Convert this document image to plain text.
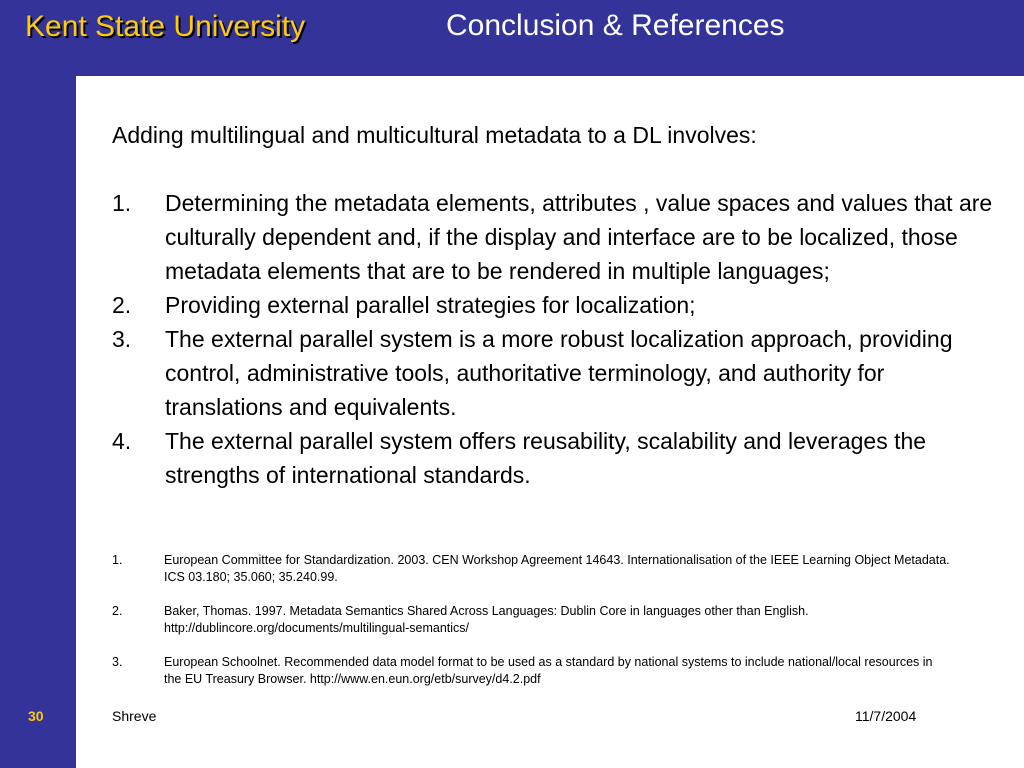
Kent State University	Conclusion & References
Adding multilingual and multicultural metadata to a DL involves:
1. Determining the metadata elements, attributes , value spaces and values that are culturally dependent and, if the display and interface are to be localized, those metadata elements that are to be rendered in multiple languages;
2. Providing external parallel strategies for localization;
3. The external parallel system is a more robust localization approach, providing control, administrative tools, authoritative terminology, and authority for translations and equivalents.
4. The external parallel system offers reusability, scalability and leverages the strengths of international standards.
1.	European Committee for Standardization. 2003. CEN Workshop Agreement 14643. Internationalisation of the IEEE Learning Object Metadata. ICS 03.180; 35.060; 35.240.99.
2.	Baker, Thomas. 1997. Metadata Semantics Shared Across Languages: Dublin Core in languages other than English. http://dublincore.org/documents/multilingual-semantics/
3.	European Schoolnet. Recommended data model format to be used as a standard by national systems to include national/local resources in the EU Treasury Browser. http://www.en.eun.org/etb/survey/d4.2.pdf
30	Shreve	11/7/2004
